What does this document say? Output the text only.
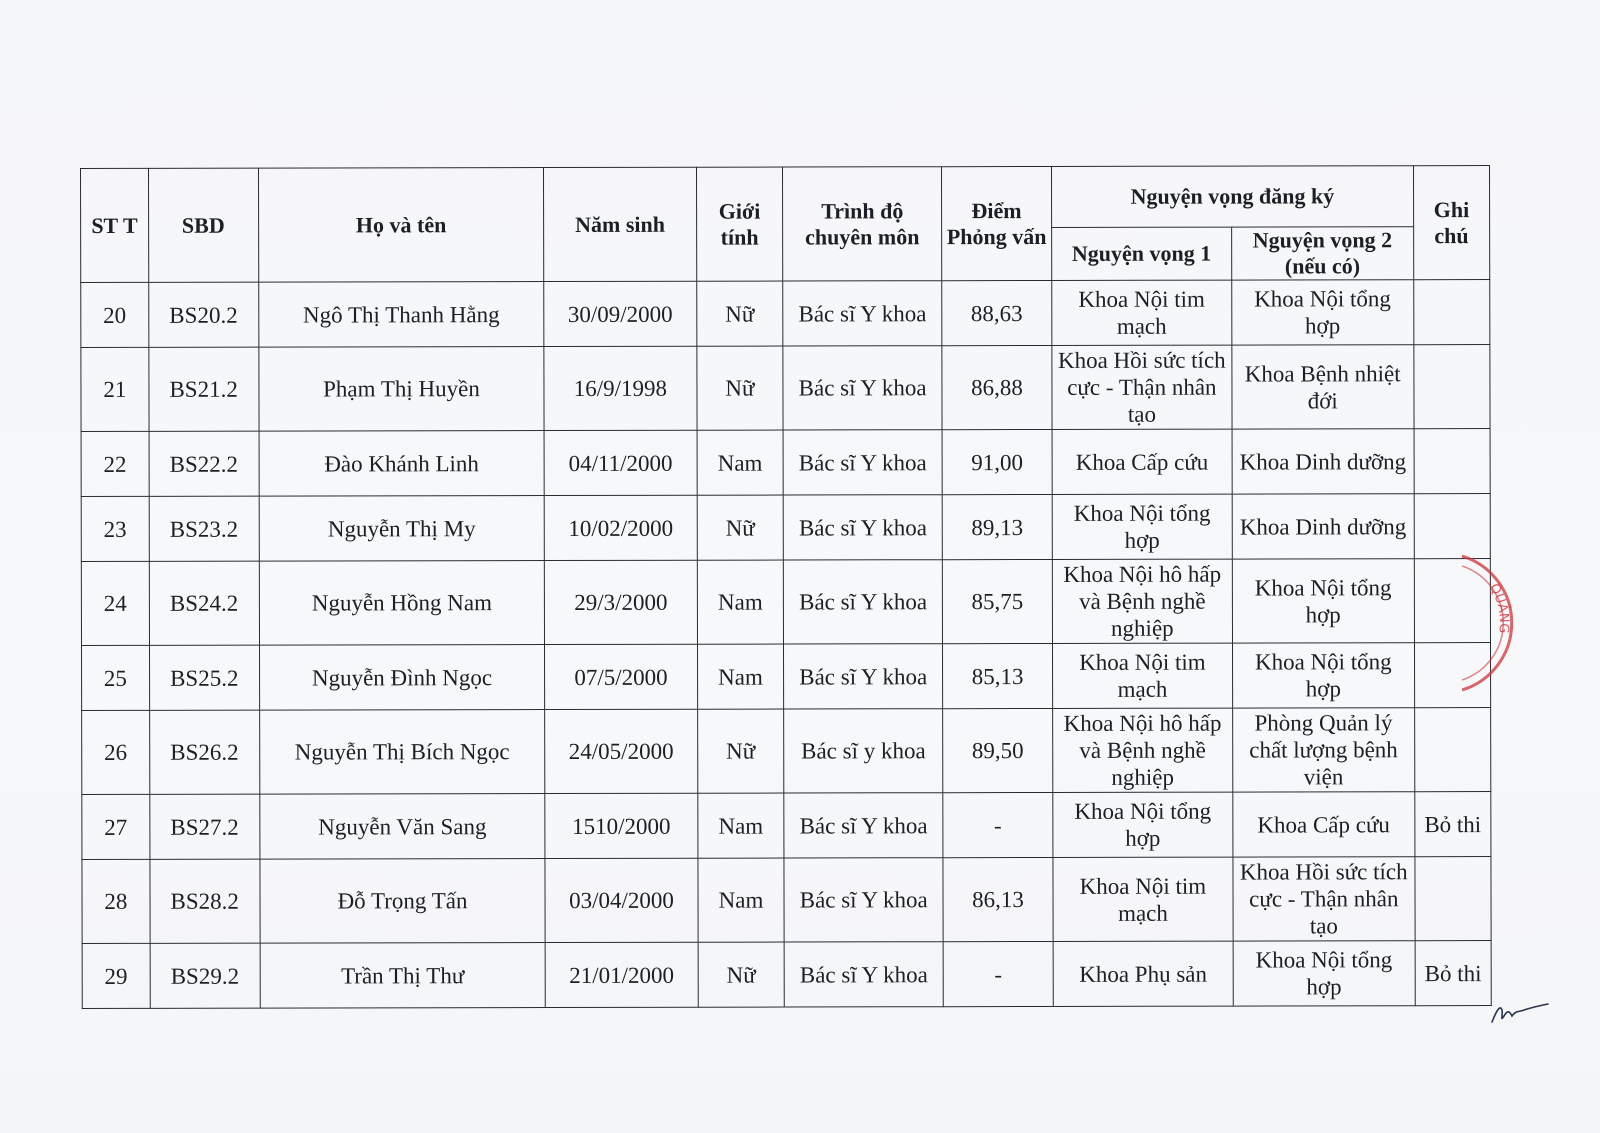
ST T	SBD	Họ và tên	Năm sinh	Giới tính	Trình độ chuyên môn	Điểm Phỏng vấn	Nguyện vọng đăng ký		Ghi chú
							Nguyện vọng 1	Nguyện vọng 2 (nếu có)	
20	BS20.2	Ngô Thị Thanh Hằng	30/09/2000	Nữ	Bác sĩ Y khoa	88,63	Khoa Nội tim mạch	Khoa Nội tổng hợp	
21	BS21.2	Phạm Thị Huyền	16/9/1998	Nữ	Bác sĩ Y khoa	86,88	Khoa Hồi sức tích cực - Thận nhân tạo	Khoa Bệnh nhiệt đới	
22	BS22.2	Đào Khánh Linh	04/11/2000	Nam	Bác sĩ Y khoa	91,00	Khoa Cấp cứu	Khoa Dinh dưỡng	
23	BS23.2	Nguyễn Thị My	10/02/2000	Nữ	Bác sĩ Y khoa	89,13	Khoa Nội tổng hợp	Khoa Dinh dưỡng	
24	BS24.2	Nguyễn Hồng Nam	29/3/2000	Nam	Bác sĩ Y khoa	85,75	Khoa Nội hô hấp và Bệnh nghề nghiệp	Khoa Nội tổng hợp	
25	BS25.2	Nguyễn Đình Ngọc	07/5/2000	Nam	Bác sĩ Y khoa	85,13	Khoa Nội tim mạch	Khoa Nội tổng hợp	
26	BS26.2	Nguyễn Thị Bích Ngọc	24/05/2000	Nữ	Bác sĩ y khoa	89,50	Khoa Nội hô hấp và Bệnh nghề nghiệp	Phòng Quản lý chất lượng bệnh viện	
27	BS27.2	Nguyễn Văn Sang	1510/2000	Nam	Bác sĩ Y khoa	-	Khoa Nội tổng hợp	Khoa Cấp cứu	Bỏ thi
28	BS28.2	Đỗ Trọng Tấn	03/04/2000	Nam	Bác sĩ Y khoa	86,13	Khoa Nội tim mạch	Khoa Hồi sức tích cực - Thận nhân tạo	
29	BS29.2	Trần Thị Thư	21/01/2000	Nữ	Bác sĩ Y khoa	-	Khoa Phụ sản	Khoa Nội tổng hợp	Bỏ thi
QUẢNG
